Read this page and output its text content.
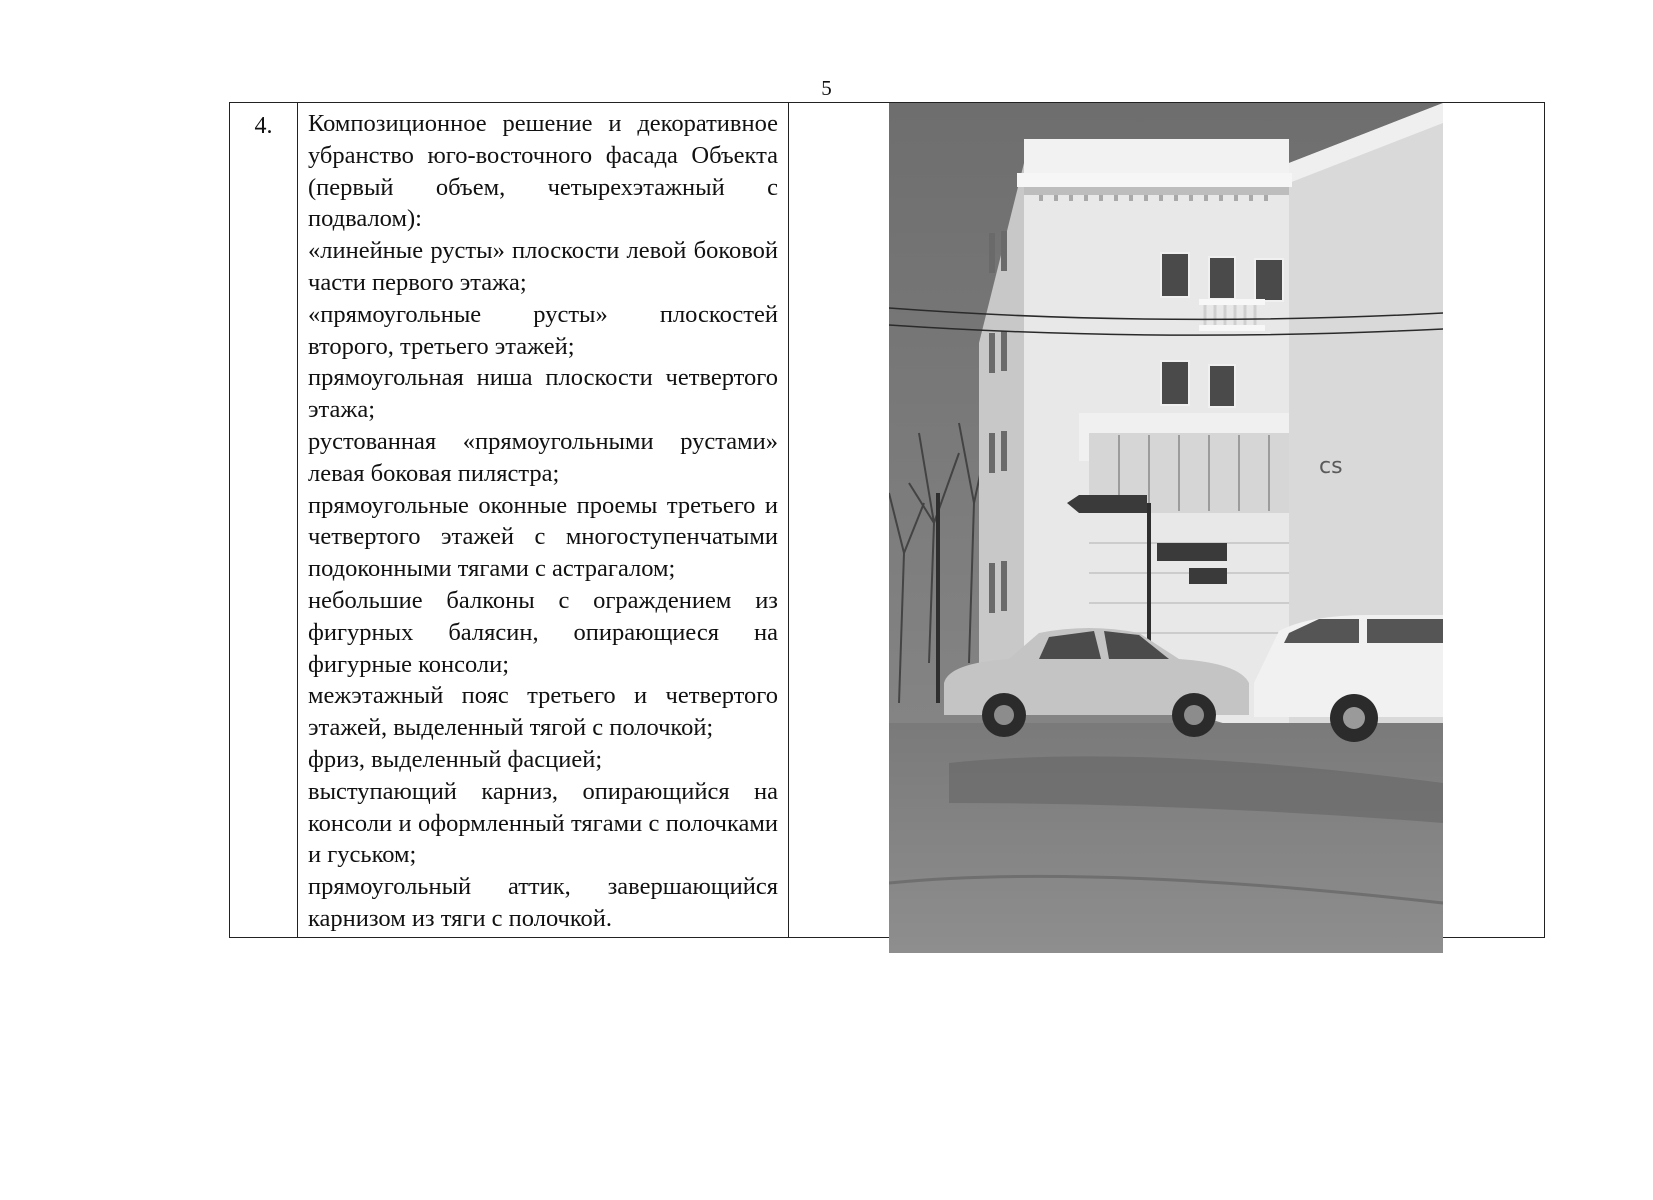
5
4.	Композиционное решение и декоративное убранство юго-восточного фасада Объекта (первый объем, четырехэтажный с подвалом):

«линейные русты» плоскости левой боковой части первого этажа;

«прямоугольные русты» плоскостей второго, третьего этажей;

прямоугольная ниша плоскости четвертого этажа;

рустованная «прямоугольными рустами» левая боковая пилястра;

прямоугольные оконные проемы третьего и четвертого этажей с многоступенчатыми подоконными тягами с астрагалом;

небольшие балконы с ограждением из фигурных балясин, опирающиеся на фигурные консоли;

межэтажный пояс третьего и четвертого этажей, выделенный тягой с полочкой;

фриз, выделенный фасцией;

выступающий карниз, опирающийся на консоли и оформленный тягами с полочками и гуськом;

прямоугольный аттик, завершающийся карнизом из тяги с полочкой.

cs
